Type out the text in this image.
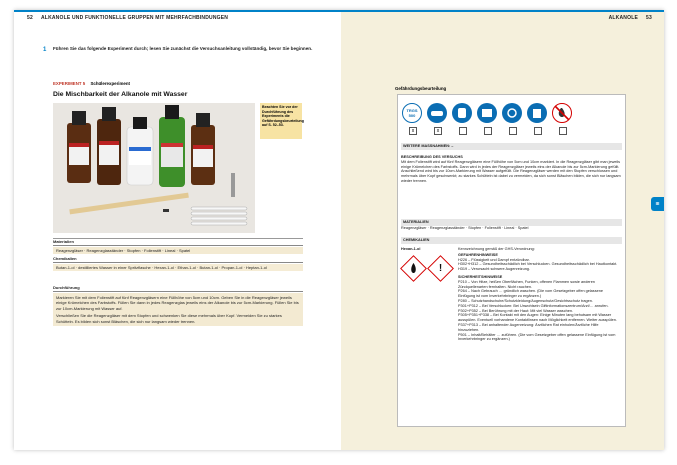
52 ALKANOLE UND FUNKTIONELLE GRUPPEN MIT MEHRFACHBINDUNGEN
1 Führen Sie das folgende Experiment durch; lesen Sie zunächst die Versuchsanleitung vollständig, bevor Sie beginnen.
EXPERIMENT 5 Schülerexperiment
Die Mischbarkeit der Alkanole mit Wasser
Beachten Sie vor der Durchführung des Experiments die Gefährdungsbeurteilung auf S. 52–53.
Materialien
Reagenzgläser · Reagenzglasständer · Stopfen · Folienstift · Lineal · Spatel
Chemikalien
Butan-1-ol · destilliertes Wasser in einer Spritzflasche · Hexan-1-ol · Ethan-1-ol · Butan-1-ol · Propan-1-ol · Heptan-1-ol
Durchführung
Markieren Sie mit dem Folienstift auf fünf Reagenzgläsern eine Füllhöhe von 5cm und 10cm. Geben Sie in die Reagenzgläser jeweils einige Krümelchen des Farbstoffs. Füllen Sie dann in jedes Reagenzglas jeweils eins der Alkanole bis zur 5cm-Markierung. Füllen Sie bis zur 10cm-Markierung mit Wasser auf.
Verschließen Sie die Reagenzgläser mit dem Stopfen und schwenken Sie diese mehrmals über Kopf. Vermeiden Sie zu starkes Schütteln. Es bilden sich sonst Bläschen, die sich nur langsam wieder trennen.
ALKANOLE 53
III
Gefährdungsbeurteilung
TRGS 500
x	x
WEITERE MASSNAHMEN: –
BESCHREIBUNG DES VERSUCHS
Mit dem Folienstift wird auf fünf Reagenzgläsern eine Füllhöhe von 5cm und 10cm markiert. In die Reagenzgläser gibt man jeweils einige Krümelchen des Farbstoffs. Dann wird in jedes der Reagenzgläser jeweils eins der Alkanole bis zur 5cm-Markierung gefüllt. Anschließend wird bis zur 10cm-Markierung mit Wasser aufgefüllt. Die Reagenzgläser werden mit den Stopfen verschlossen und mehrmals über Kopf geschwenkt; zu starkes Schütteln ist dabei zu vermeiden, da sich sonst Bläschen bilden, die sich nur langsam wieder trennen.
MATERIALIEN
Reagenzgläser · Reagenzglasständer · Stopfen · Folienstift · Lineal · Spatel
CHEMIKALIEN
Hexan-1-ol
!
Kennzeichnung gemäß der GHS-Verordnung:
GEFAHRENHINWEISE
H226 – Flüssigkeit und Dampf entzündbar.
H302+H312 – Gesundheitsschädlich bei Verschlucken. Gesundheitsschädlich bei Hautkontakt.
H319 – Verursacht schwere Augenreizung.
SICHERHEITSHINWEISE
P210 – Von Hitze, heißen Oberflächen, Funken, offenen Flammen sowie anderen Zündquellenarten fernhalten. Nicht rauchen.
P264 – Nach Gebrauch … gründlich waschen. (Die vom Gesetzgeber offen gelassene Einfügung ist vom Inverkehrbringer zu ergänzen.)
P280 – Schutzhandschuhe/Schutzkleidung/Augenschutz/Gesichtsschutz tragen.
P301+P312 – Bei Verschlucken: Bei Unwohlsein Giftinformationszentrum/Arzt/… anrufen.
P302+P352 – Bei Berührung mit der Haut: Mit viel Wasser waschen.
P305+P351+P338 – Bei Kontakt mit den Augen: Einige Minuten lang behutsam mit Wasser ausspülen. Eventuell vorhandene Kontaktlinsen nach Möglichkeit entfernen. Weiter ausspülen.
P337+P313 – Bei anhaltender Augenreizung: Ärztlichen Rat einholen/Ärztliche Hilfe hinzuziehen.
P501 – Inhalt/Behälter … zuführen. (Die vom Gesetzgeber offen gelassene Einfügung ist vom Inverkehrbringer zu ergänzen.)
